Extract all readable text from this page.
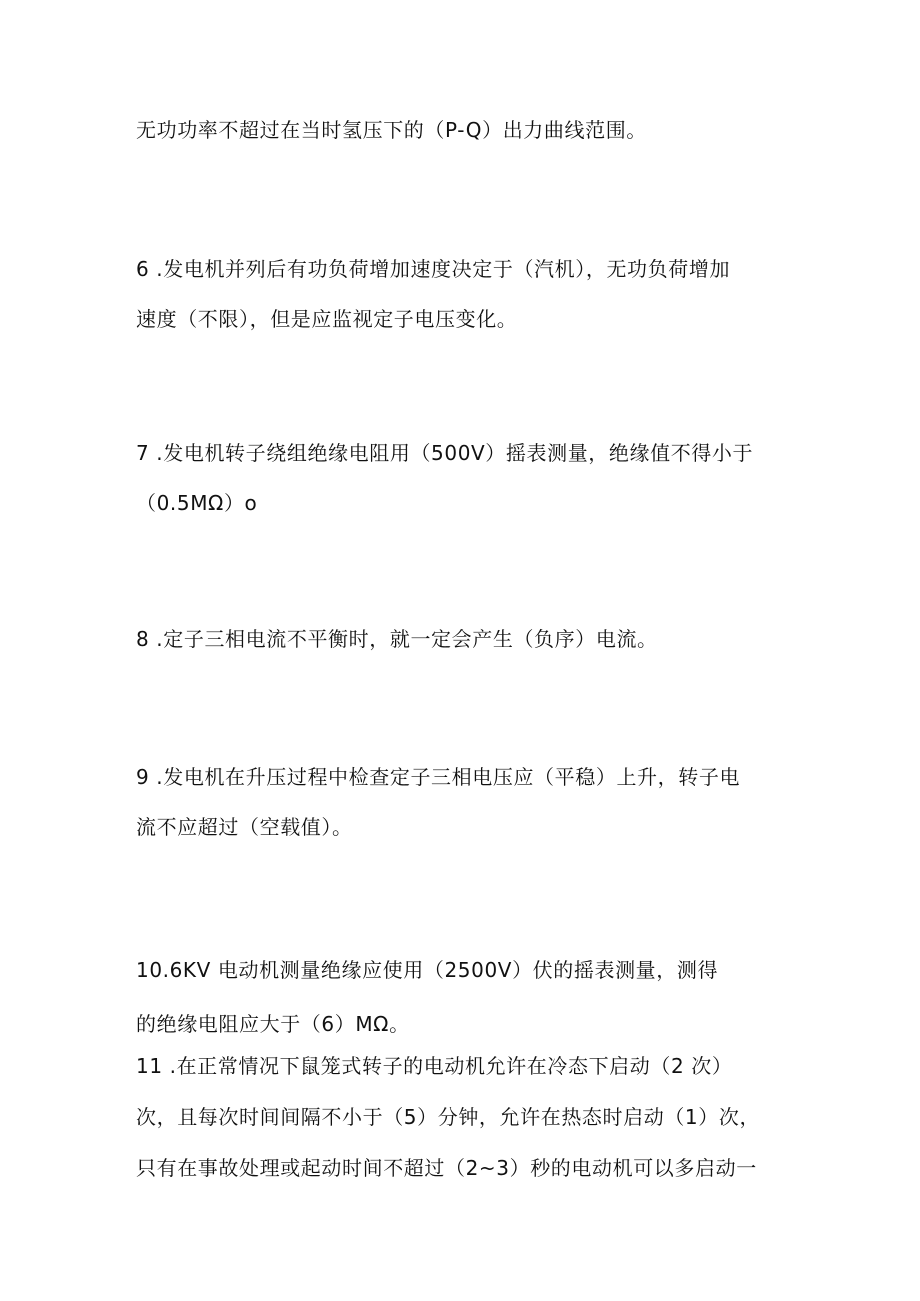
无功功率不超过在当时氢压下的（P-Q）出力曲线范围。
6 .发电机并列后有功负荷增加速度决定于（汽机），无功负荷增加
速度（不限），但是应监视定子电压变化。
7 .发电机转子绕组绝缘电阻用（500V）摇表测量，绝缘值不得小于
（0.5MΩ）o
8 .定子三相电流不平衡时，就一定会产生（负序）电流。
9 .发电机在升压过程中检查定子三相电压应（平稳）上升，转子电
流不应超过（空载值）。
10.6KV 电动机测量绝缘应使用（2500V）伏的摇表测量，测得
的绝缘电阻应大于（6）MΩ。
11 .在正常情况下鼠笼式转子的电动机允许在冷态下启动（2 次）
次，且每次时间间隔不小于（5）分钟，允许在热态时启动（1）次，
只有在事故处理或起动时间不超过（2~3）秒的电动机可以多启动一
